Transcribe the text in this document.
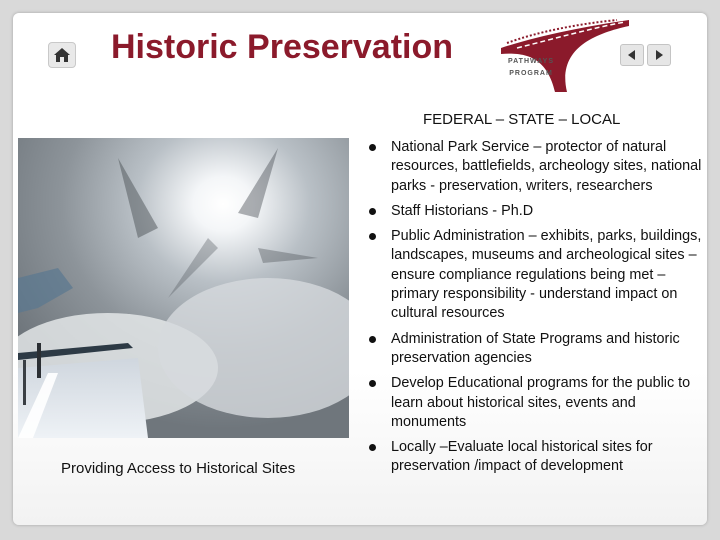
Historic Preservation	PATHWAYS
PROGRAM
FEDERAL – STATE – LOCAL
Providing Access to Historical Sites
National Park Service – protector of natural resources, battlefields, archeology sites, national parks - preservation, writers, researchers
Staff Historians - Ph.D
Public Administration – exhibits, parks, buildings, landscapes, museums and archeological sites – ensure compliance regulations being met – primary responsibility - understand impact on cultural resources
Administration of State Programs and historic preservation agencies
Develop Educational programs for the public to learn about historical sites, events and monuments
Locally –Evaluate local historical sites for preservation /impact of development
